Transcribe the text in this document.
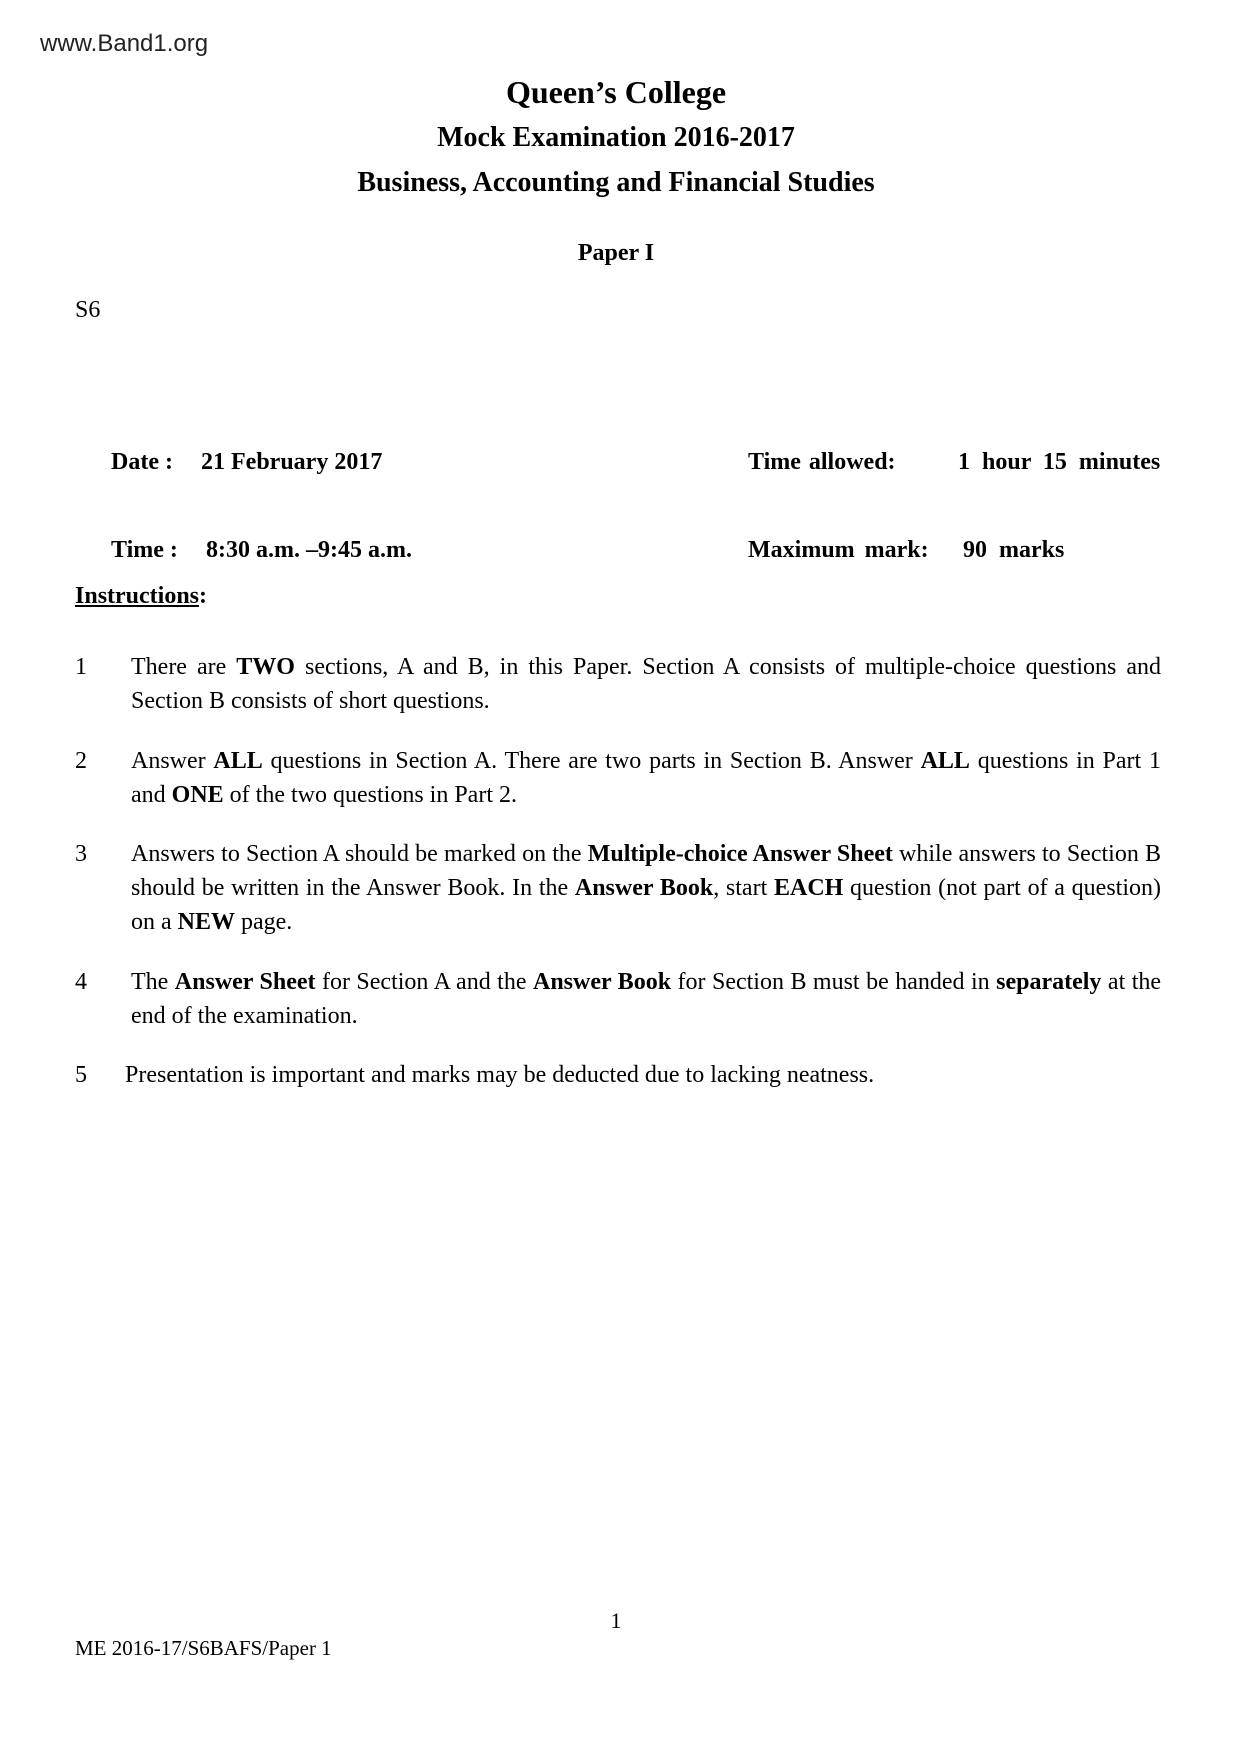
www.Band1.org
Queen’s College
Mock Examination 2016-2017
Business, Accounting and Financial Studies
Paper I
S6

Date : 21 February 2017

Time : 8:30 a.m. –9:45 a.m.

Time allowed:	1 hour 15 minutes

Maximum mark: 90 marks

Instructions:
1	There are TWO sections, A and B, in this Paper. Section A consists of multiple-choice questions and Section B consists of short questions.
2	Answer ALL questions in Section A. There are two parts in Section B. Answer ALL questions in Part 1 and ONE of the two questions in Part 2.
3	Answers to Section A should be marked on the Multiple-choice Answer Sheet while answers to Section B should be written in the Answer Book. In the Answer Book, start EACH question (not part of a question) on a NEW page.
4	The Answer Sheet for Section A and the Answer Book for Section B must be handed in separately at the end of the examination.
5	Presentation is important and marks may be deducted due to lacking neatness.
1
ME 2016-17/S6BAFS/Paper 1
